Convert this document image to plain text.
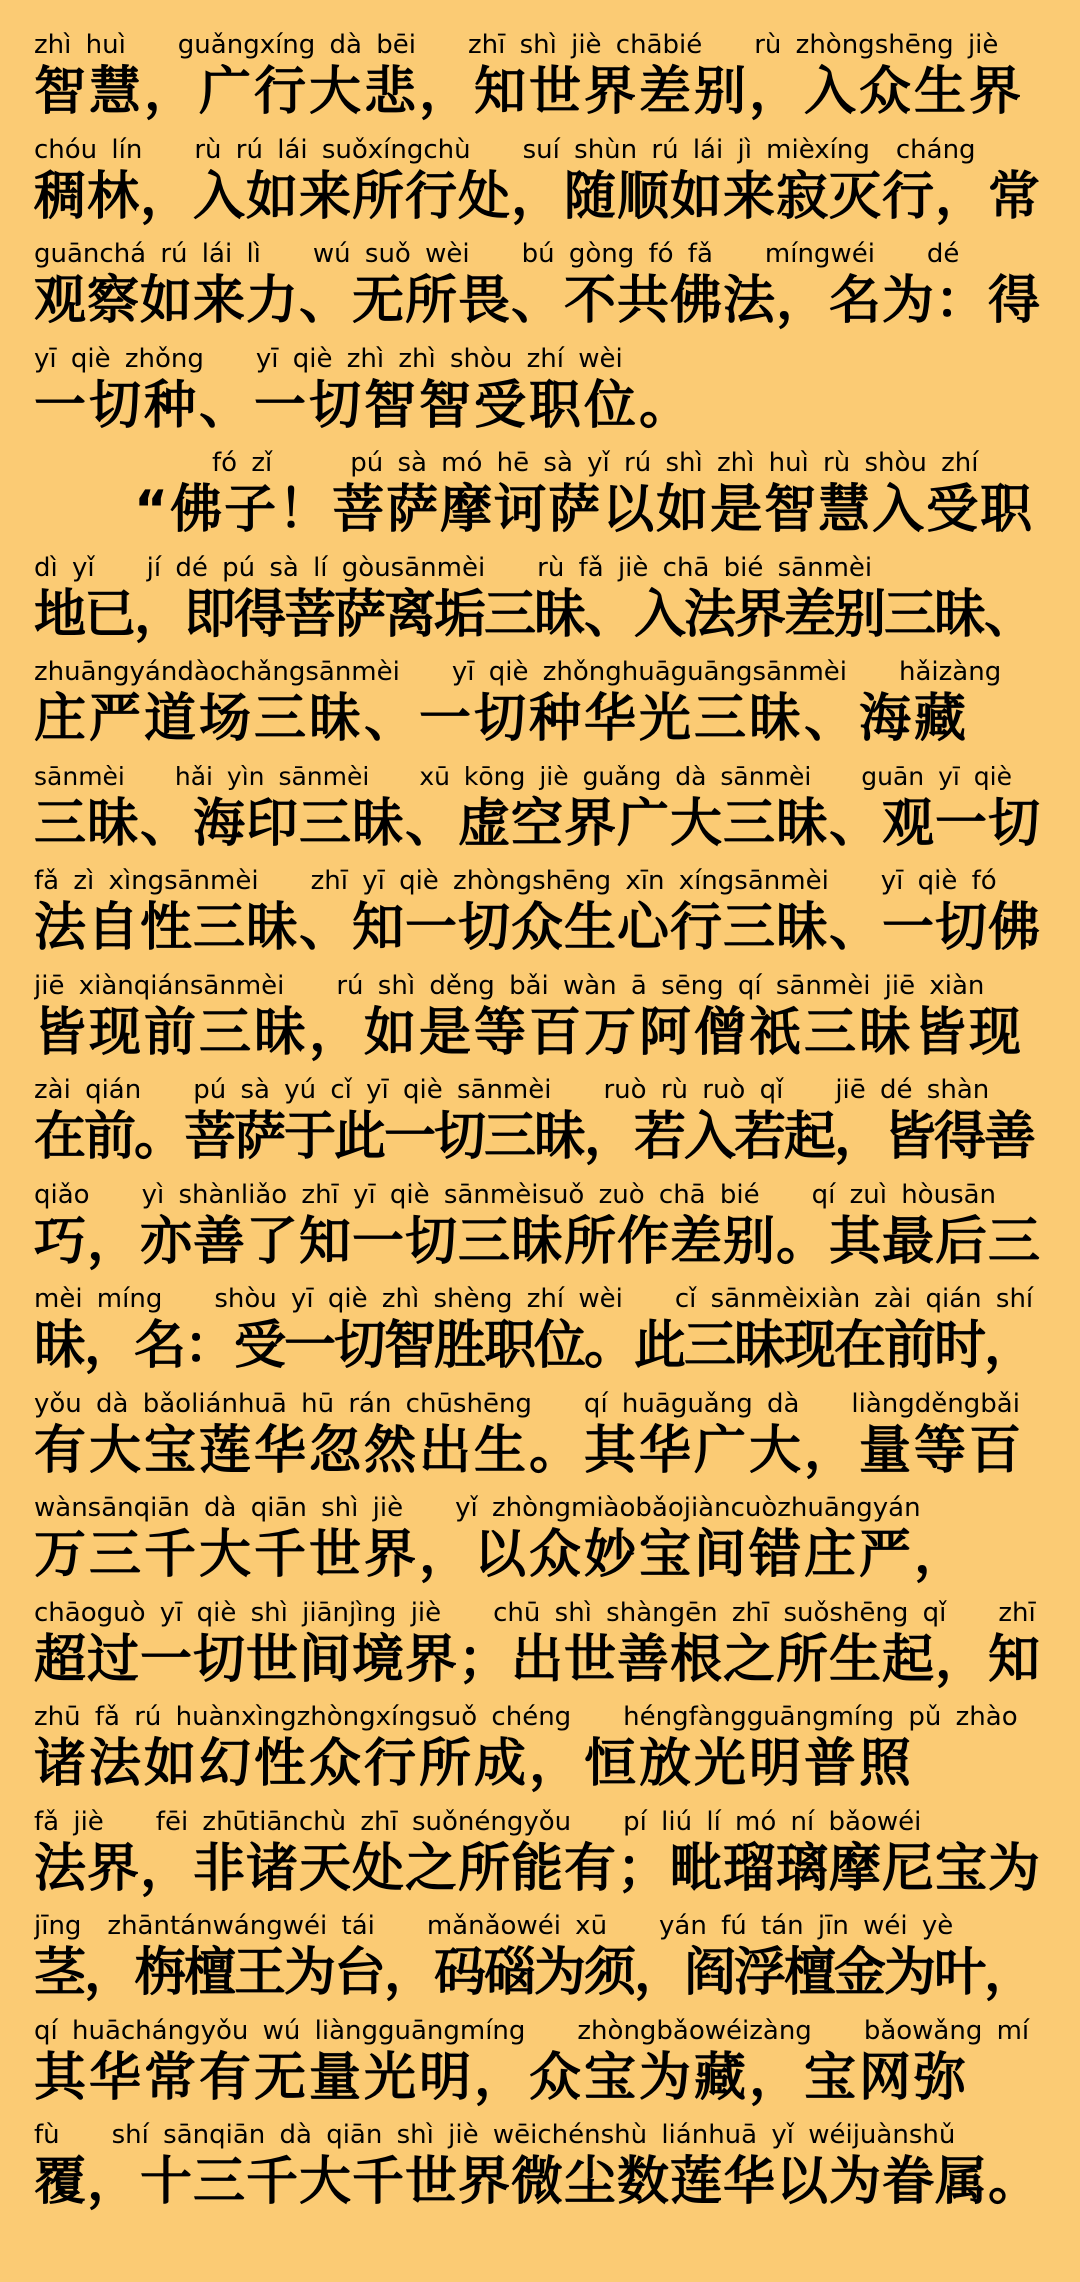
zhì huì　　guǎngxíng dà bēi　　zhī shì jiè chābié　　rù zhòngshēng jiè
智慧，广行大悲，知世界差别，入众生界
chóu lín　　rù rú lái suǒxíngchù　　suí shùn rú lái jì mièxíng　cháng
稠林，入如来所行处，随顺如来寂灭行，常
guānchá rú lái lì　　wú suǒ wèi　　bú gòng fó fǎ　　míngwéi　　dé
观察如来力、无所畏、不共佛法，名为：得
yī qiè zhǒng　　yī qiè zhì zhì shòu zhí wèi
一切种、一切智智受职位。
fó zǐ　　　pú sà mó hē sà yǐ rú shì zhì huì rù shòu zhí
“佛子！菩萨摩诃萨以如是智慧入受职
dì yǐ　　jí dé pú sà lí gòusānmèi　　rù fǎ jiè chā bié sānmèi
地已，即得菩萨离垢三昧、入法界差别三昧、
zhuāngyándàochǎngsānmèi　　yī qiè zhǒnghuāguāngsānmèi　　hǎizàng
庄严道场三昧、一切种华光三昧、海藏
sānmèi　　hǎi yìn sānmèi　　xū kōng jiè guǎng dà sānmèi　　guān yī qiè
三昧、海印三昧、虚空界广大三昧、观一切
fǎ zì xìngsānmèi　　zhī yī qiè zhòngshēng xīn xíngsānmèi　　yī qiè fó
法自性三昧、知一切众生心行三昧、一切佛
jiē xiànqiánsānmèi　　rú shì děng bǎi wàn ā sēng qí sānmèi jiē xiàn
皆现前三昧，如是等百万阿僧祇三昧皆现
zài qián　　pú sà yú cǐ yī qiè sānmèi　　ruò rù ruò qǐ　　jiē dé shàn
在前。菩萨于此一切三昧，若入若起，皆得善
qiǎo　　yì shànliǎo zhī yī qiè sānmèisuǒ zuò chā bié　　qí zuì hòusān
巧，亦善了知一切三昧所作差别。其最后三
mèi míng　　shòu yī qiè zhì shèng zhí wèi　　cǐ sānmèixiàn zài qián shí
昧，名：受一切智胜职位。此三昧现在前时，
yǒu dà bǎoliánhuā hū rán chūshēng　　qí huāguǎng dà　　liàngděngbǎi
有大宝莲华忽然出生。其华广大，量等百
wànsānqiān dà qiān shì jiè　　yǐ zhòngmiàobǎojiàncuòzhuāngyán
万三千大千世界，以众妙宝间错庄严，
chāoguò yī qiè shì jiānjìng jiè　　chū shì shàngēn zhī suǒshēng qǐ　　zhī
超过一切世间境界；出世善根之所生起，知
zhū fǎ rú huànxìngzhòngxíngsuǒ chéng　　héngfàngguāngmíng pǔ zhào
诸法如幻性众行所成，恒放光明普照
fǎ jiè　　fēi zhūtiānchù zhī suǒnéngyǒu　　pí liú lí mó ní bǎowéi
法界，非诸天处之所能有；毗瑠璃摩尼宝为
jīng　zhāntánwángwéi tái　　mǎnǎowéi xū　　yán fú tán jīn wéi yè
茎，栴檀王为台，码碯为须，阎浮檀金为叶，
qí huāchángyǒu wú liàngguāngmíng　　zhòngbǎowéizàng　　bǎowǎng mí
其华常有无量光明，众宝为藏，宝网弥
fù　　shí sānqiān dà qiān shì jiè wēichénshù liánhuā yǐ wéijuànshǔ
覆，十三千大千世界微尘数莲华以为眷属。
